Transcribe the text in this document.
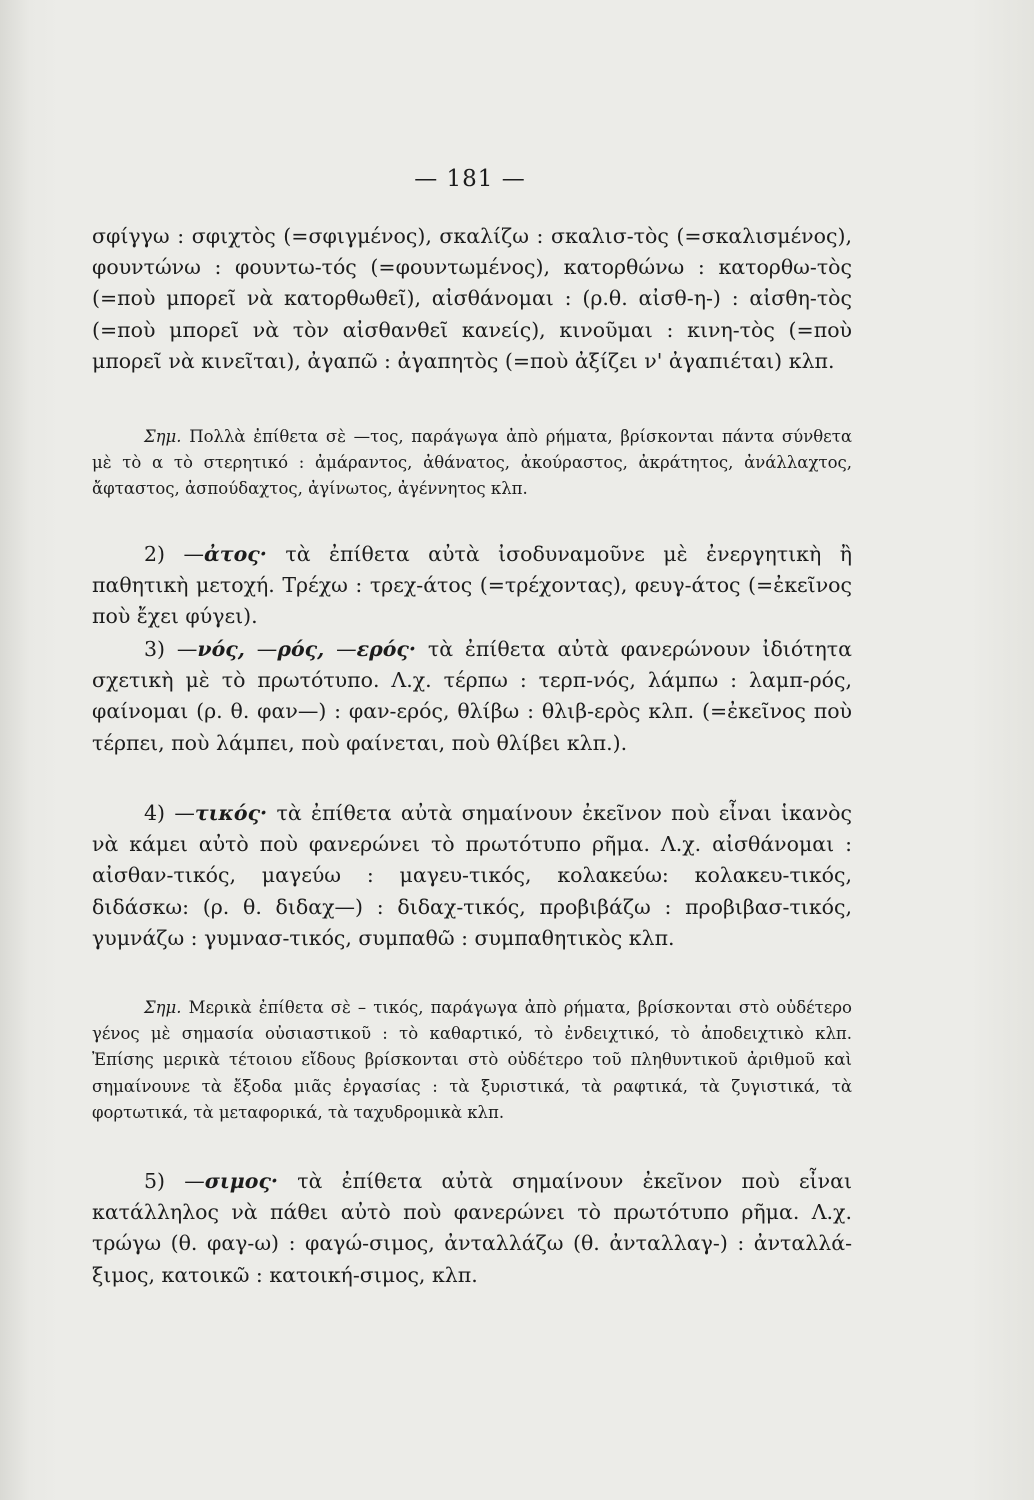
— 181 —

σφίγγω : σφιχτὸς (=σφιγμένος), σκαλίζω : σκαλισ-τὸς (=σκαλισμένος), φουντώνω : φουντω-τός (=φουντωμένος), κατορθώνω : κατορθω-τὸς (=ποὺ μπορεῖ νὰ κατορθωθεῖ), αἰσθάνομαι : (ρ.θ. αἰσθ-η-) : αἰσθη-τὸς (=ποὺ μπορεῖ νὰ τὸν αἰσθανθεῖ κανείς), κινοῦμαι : κινη-τὸς (=ποὺ μπορεῖ νὰ κινεῖται), ἀγαπῶ : ἀγαπητὸς (=ποὺ ἀξίζει ν' ἀγαπιέται) κλπ.

Σημ. Πολλὰ ἐπίθετα σὲ —τος, παράγωγα ἀπὸ ρήματα, βρίσκονται πάντα σύνθετα μὲ τὸ α τὸ στερητικό : ἀμάραντος, ἀθάνατος, ἀκούραστος, ἀκράτητος, ἀνάλλαχτος, ἄφταστος, ἀσπούδαχτος, ἀγίνωτος, ἀγέννητος κλπ.

2) —ἀτος· τὰ ἐπίθετα αὐτὰ ἰσοδυναμοῦνε μὲ ἐνεργητικὴ ἢ παθητικὴ μετοχή. Τρέχω : τρεχ-άτος (=τρέχοντας), φευγ-άτος (=ἐκεῖνος ποὺ ἔχει φύγει).

3) —νός, —ρός, —ερός· τὰ ἐπίθετα αὐτὰ φανερώνουν ἰδιότητα σχετικὴ μὲ τὸ πρωτότυπο. Λ.χ. τέρπω : τερπ-νός, λάμπω : λαμπ-ρός, φαίνομαι (ρ. θ. φαν—) : φαν-ερός, θλίβω : θλιβ-ερὸς κλπ. (=ἐκεῖνος ποὺ τέρπει, ποὺ λάμπει, ποὺ φαίνεται, ποὺ θλίβει κλπ.).

4) —τικός· τὰ ἐπίθετα αὐτὰ σημαίνουν ἐκεῖνον ποὺ εἶναι ἱκανὸς νὰ κάμει αὐτὸ ποὺ φανερώνει τὸ πρωτότυπο ρῆμα. Λ.χ. αἰσθάνομαι : αἰσθαν-τικός, μαγεύω : μαγευ-τικός, κολακεύω: κολακευ-τικός, διδάσκω: (ρ. θ. διδαχ—) : διδαχ-τικός, προβιβάζω : προβιβασ-τικός, γυμνάζω : γυμνασ-τικός, συμπαθῶ : συμπαθητικὸς κλπ.

Σημ. Μερικὰ ἐπίθετα σὲ – τικός, παράγωγα ἀπὸ ρήματα, βρίσκονται στὸ οὐδέτερο γένος μὲ σημασία οὐσιαστικοῦ : τὸ καθαρτικό, τὸ ἐνδειχτικό, τὸ ἀποδειχτικὸ κλπ. Ἐπίσης μερικὰ τέτοιου εἴδους βρίσκονται στὸ οὐδέτερο τοῦ πληθυντικοῦ ἀριθμοῦ καὶ σημαίνουνε τὰ ἔξοδα μιᾶς ἐργασίας : τὰ ξυριστικά, τὰ ραφτικά, τὰ ζυγιστικά, τὰ φορτωτικά, τὰ μεταφορικά, τὰ ταχυδρομικὰ κλπ.

5) —σιμος· τὰ ἐπίθετα αὐτὰ σημαίνουν ἐκεῖνον ποὺ εἶναι κατάλληλος νὰ πάθει αὐτὸ ποὺ φανερώνει τὸ πρωτότυπο ρῆμα. Λ.χ. τρώγω (θ. φαγ-ω) : φαγώ-σιμος, ἀνταλλάζω (θ. ἀνταλλαγ-) : ἀνταλλά-ξιμος, κατοικῶ : κατοική-σιμος, κλπ.
